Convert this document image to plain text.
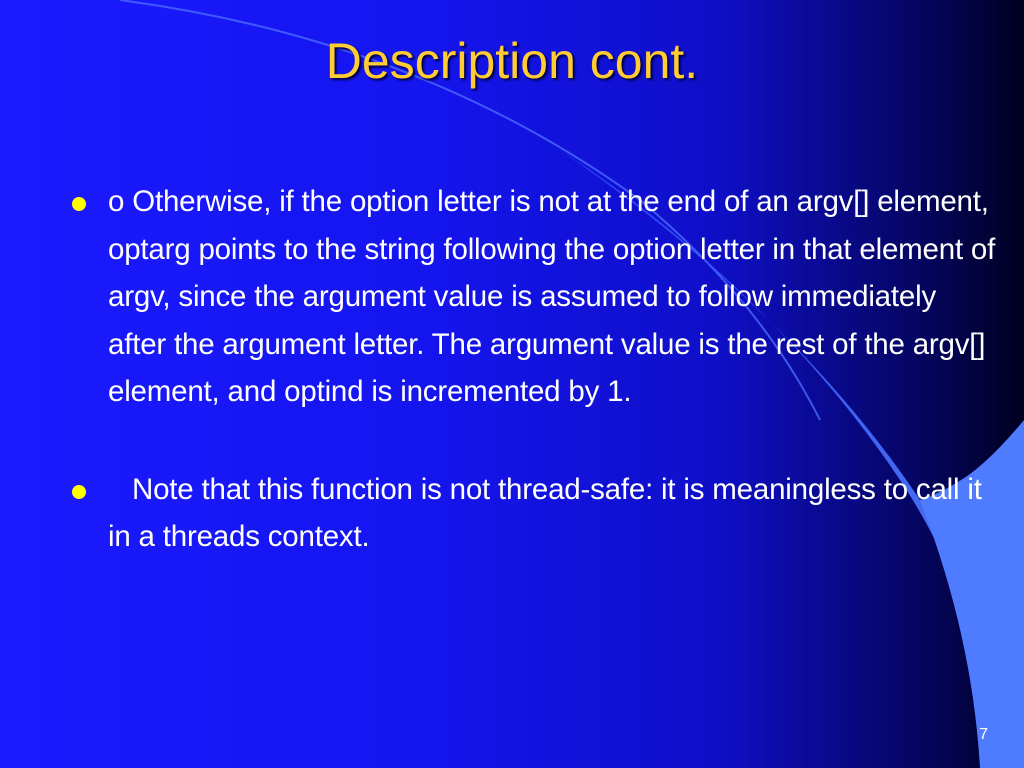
Description cont.
o Otherwise, if the option letter is not at the end of an argv[] element, optarg points to the string following the option letter in that element of argv, since the argument value is assumed to follow immediately after the argument letter. The argument value is the rest of the argv[] element, and optind is incremented by 1.
Note that this function is not thread-safe: it is meaningless to call it in a threads context.
7
